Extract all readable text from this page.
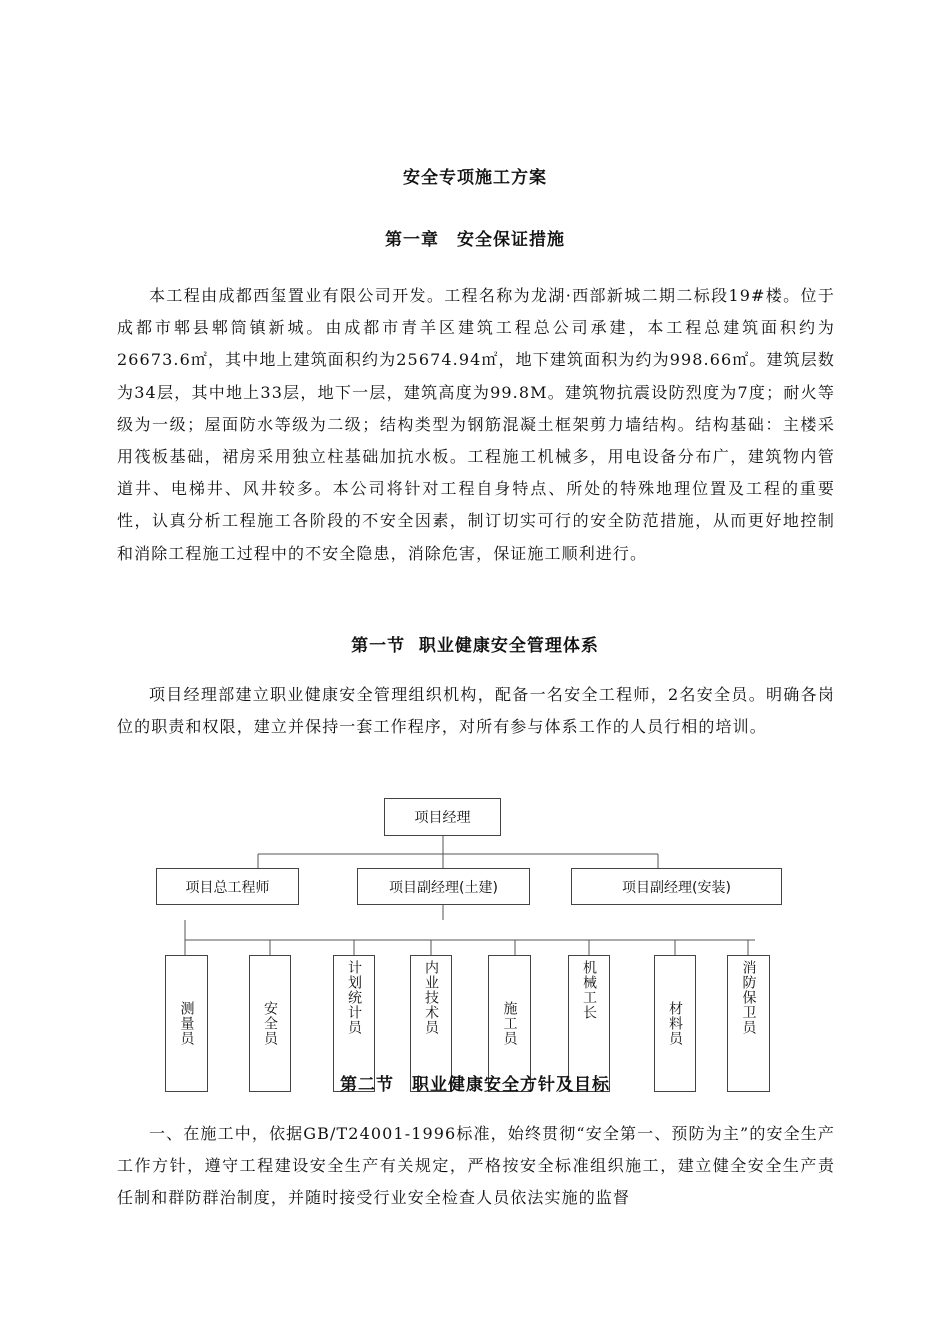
安全专项施工方案
第一章　安全保证措施

本工程由成都西玺置业有限公司开发。工程名称为龙湖·西部新城二期二标段19#楼。位于成都市郫县郫筒镇新城。由成都市青羊区建筑工程总公司承建，本工程总建筑面积约为26673.6㎡，其中地上建筑面积约为25674.94㎡，地下建筑面积为约为998.66㎡。建筑层数为34层，其中地上33层，地下一层，建筑高度为99.8M。建筑物抗震设防烈度为7度；耐火等级为一级；屋面防水等级为二级；结构类型为钢筋混凝土框架剪力墙结构。结构基础：主楼采用筏板基础，裙房采用独立柱基础加抗水板。工程施工机械多，用电设备分布广，建筑物内管道井、电梯井、风井较多。本公司将针对工程自身特点、所处的特殊地理位置及工程的重要性，认真分析工程施工各阶段的不安全因素，制订切实可行的安全防范措施，从而更好地控制和消除工程施工过程中的不安全隐患，消除危害，保证施工顺利进行。

第一节  职业健康安全管理体系

项目经理部建立职业健康安全管理组织机构，配备一名安全工程师，2名安全员。明确各岗位的职责和权限，建立并保持一套工作程序，对所有参与体系工作的人员行相的培训。

项目经理
项目总工程师	项目副经理(土建)	项目副经理(安装)
测量员	安全员	计划统计员	内业技术员	施工员
机械工长
材料员	消防保卫员
第二节　职业健康安全方针及目标

一、在施工中，依据GB/T24001-1996标准，始终贯彻“安全第一、预防为主”的安全生产工作方针，遵守工程建设安全生产有关规定，严格按安全标准组织施工，建立健全安全生产责任制和群防群治制度，并随时接受行业安全检查人员依法实施的监督
